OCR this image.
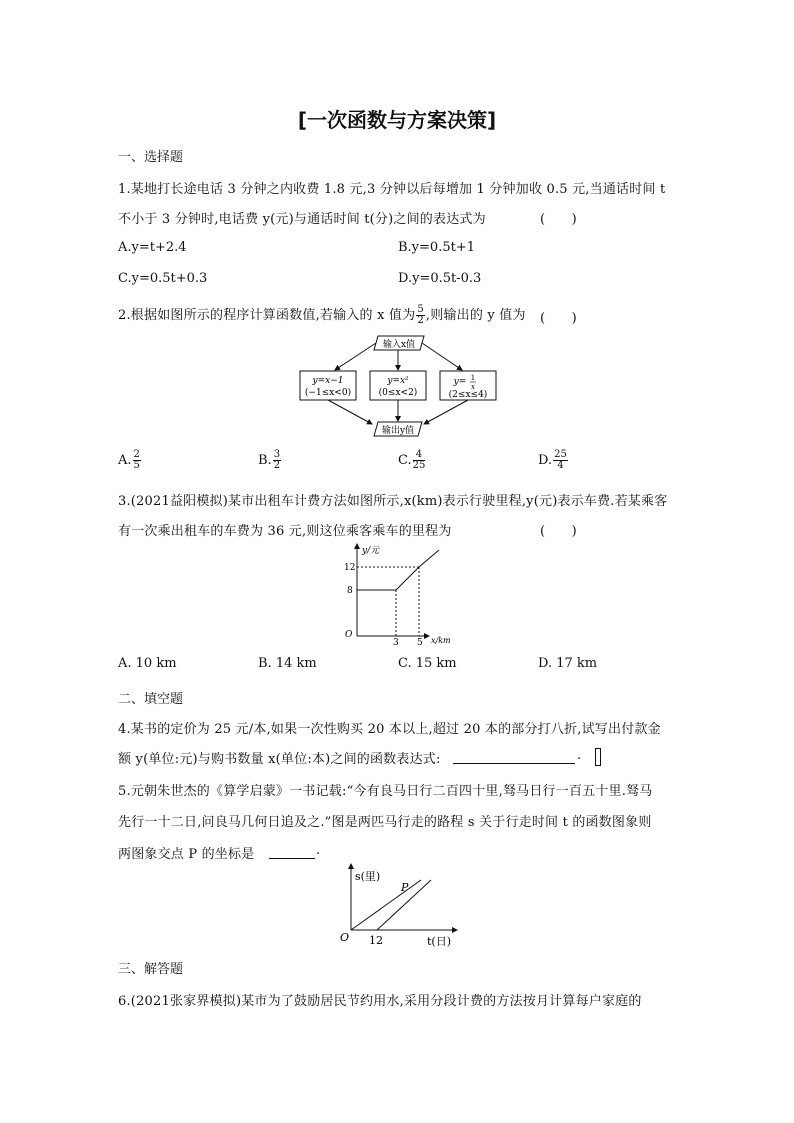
[一次函数与方案决策]
一、选择题
1.某地打长途电话 3 分钟之内收费 1.8 元,3 分钟以后每增加 1 分钟加收 0.5 元,当通话时间 t
不小于 3 分钟时,电话费 y(元)与通话时间 t(分)之间的表达式为	(　　)
A.y=t+2.4	B.y=0.5t+1
C.y=0.5t+0.3	D.y=0.5t-0.3
2.根据如图所示的程序计算函数值,若输入的 x 值为 $\frac{5}{2}$ ,则输出的 y 值为 (　　)
输入x值
y=x−1
(−1≤x<0)
y=x²
(0≤x<2)
y= 1
x
(2≤x≤4)
输出y值
A. $\frac{2}{5}$	B. $\frac{3}{2}$	C. $\frac{4}{25}$	D. $\frac{25}{4}$
3.(2021益阳模拟)某市出租车计费方法如图所示,x(km)表示行驶里程,y(元)表示车费.若某乘客
有一次乘出租车的车费为 36 元,则这位乘客乘车的里程为	(　　)
y/元
x/km
O
12
8
3 5
A. 10 km	B. 14 km	C. 15 km	D. 17 km
二、填空题
4.某书的定价为 25 元/本,如果一次性购买 20 本以上,超过 20 本的部分打八折,试写出付款金
额 y(单位:元)与购书数量 x(单位:本)之间的函数表达式:	.
5.元朝朱世杰的《算学启蒙》一书记载:“今有良马日行二百四十里,驽马日行一百五十里.驽马
先行一十二日,问良马几何日追及之.”图是两匹马行走的路程 s 关于行走时间 t 的函数图象则
两图象交点 P 的坐标是	.
s(里)
t(日)
O 12
P
三、解答题
6.(2021张家界模拟)某市为了鼓励居民节约用水,采用分段计费的方法按月计算每户家庭的
